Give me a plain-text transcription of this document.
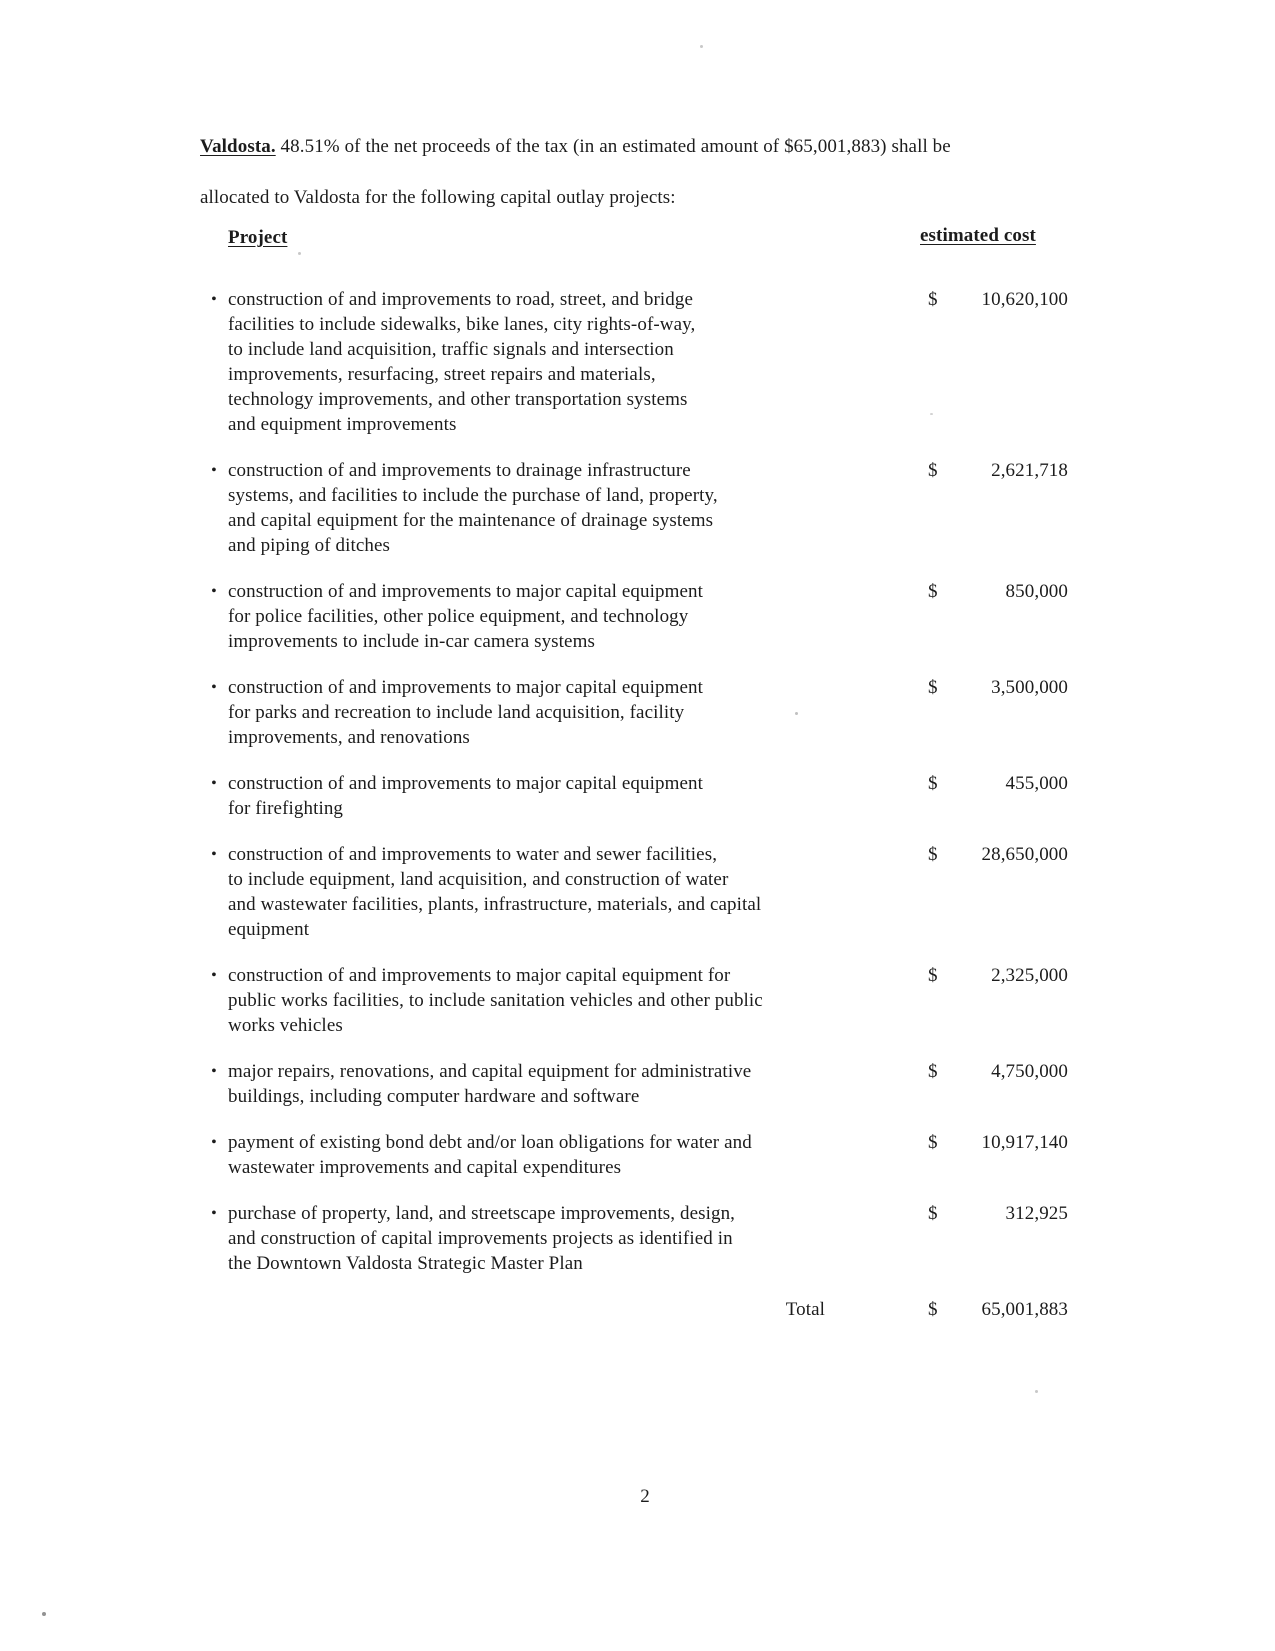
Valdosta. 48.51% of the net proceeds of the tax (in an estimated amount of $65,001,883) shall be
allocated to Valdosta for the following capital outlay projects:

Project	estimated cost
• construction of and improvements to road, street, and bridge
facilities to include sidewalks, bike lanes, city rights-of-way,
to include land acquisition, traffic signals and intersection
improvements, resurfacing, street repairs and materials,
technology improvements, and other transportation systems
and equipment improvements
$ 10,620,100
• construction of and improvements to drainage infrastructure
systems, and facilities to include the purchase of land, property,
and capital equipment for the maintenance of drainage systems
and piping of ditches
$	2,621,718
• construction of and improvements to major capital equipment
for police facilities, other police equipment, and technology
improvements to include in-car camera systems
$	850,000
• construction of and improvements to major capital equipment
for parks and recreation to include land acquisition, facility
improvements, and renovations
$	3,500,000
• construction of and improvements to major capital equipment
for firefighting
$	455,000
• construction of and improvements to water and sewer facilities,
to include equipment, land acquisition, and construction of water
and wastewater facilities, plants, infrastructure, materials, and capital
equipment
$ 28,650,000
• construction of and improvements to major capital equipment for
public works facilities, to include sanitation vehicles and other public
works vehicles
$	2,325,000
• major repairs, renovations, and capital equipment for administrative
buildings, including computer hardware and software
$	4,750,000
• payment of existing bond debt and/or loan obligations for water and
wastewater improvements and capital expenditures
$ 10,917,140
• purchase of property, land, and streetscape improvements, design,
and construction of capital improvements projects as identified in
the Downtown Valdosta Strategic Master Plan
$	312,925
Total	$ 65,001,883
2
